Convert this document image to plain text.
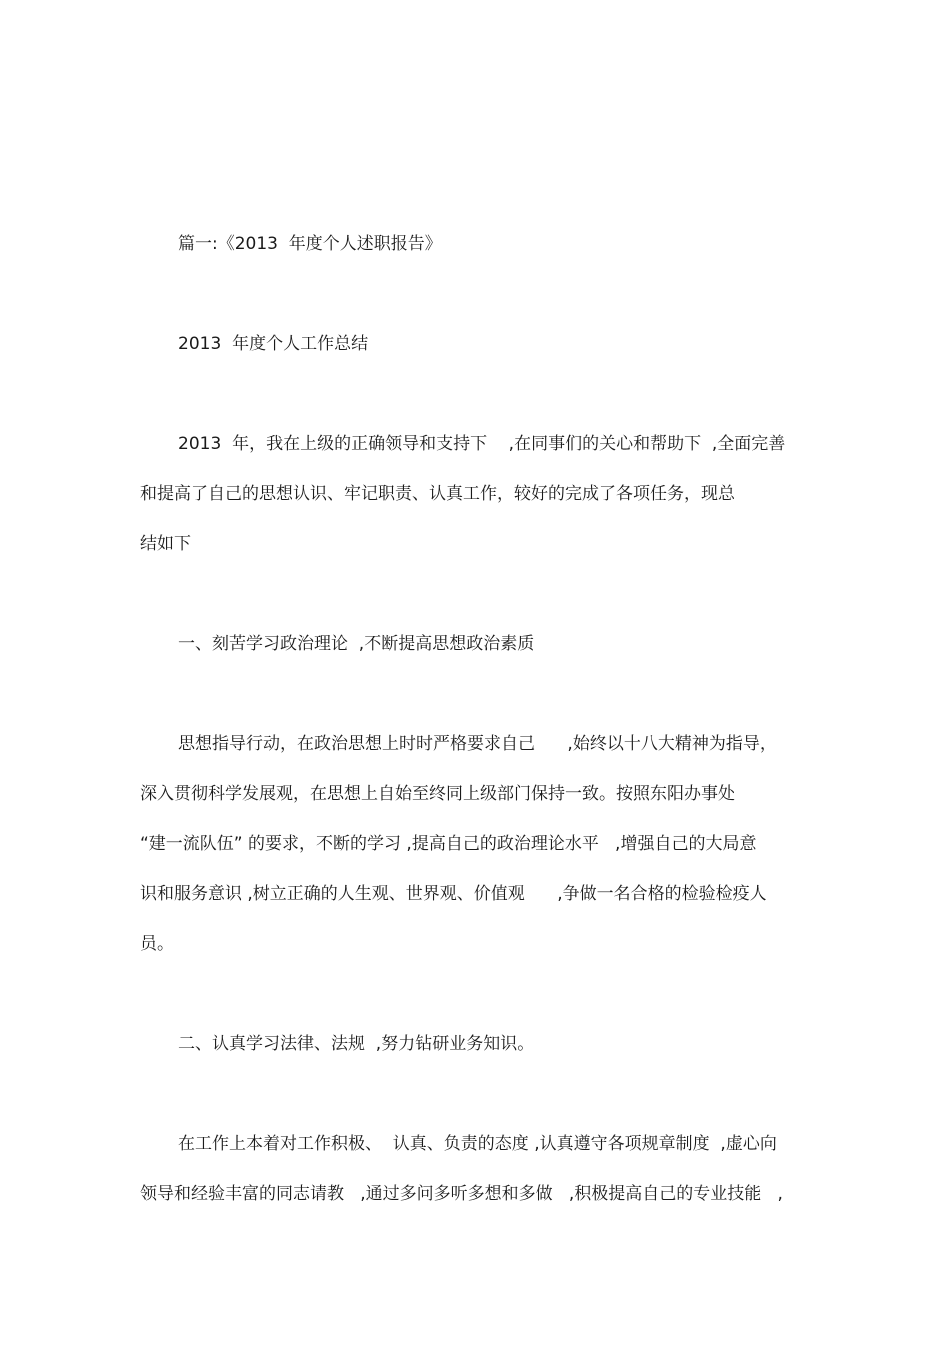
篇一:《2013  年度个人述职报告》
2013  年度个人工作总结
2013  年，我在上级的正确领导和支持下    ,在同事们的关心和帮助下  ,全面完善
和提高了自己的思想认识、牢记职责、认真工作，较好的完成了各项任务，现总
结如下
一、刻苦学习政治理论  ,不断提高思想政治素质
思想指导行动，在政治思想上时时严格要求自己      ,始终以十八大精神为指导，
深入贯彻科学发展观，在思想上自始至终同上级部门保持一致。按照东阳办事处
“建一流队伍” 的要求，不断的学习 ,提高自己的政治理论水平   ,增强自己的大局意
识和服务意识 ,树立正确的人生观、世界观、价值观      ,争做一名合格的检验检疫人
员。
二、认真学习法律、法规  ,努力钻研业务知识。
在工作上本着对工作积极、  认真、负责的态度 ,认真遵守各项规章制度  ,虚心向
领导和经验丰富的同志请教   ,通过多问多听多想和多做   ,积极提高自己的专业技能   ,
